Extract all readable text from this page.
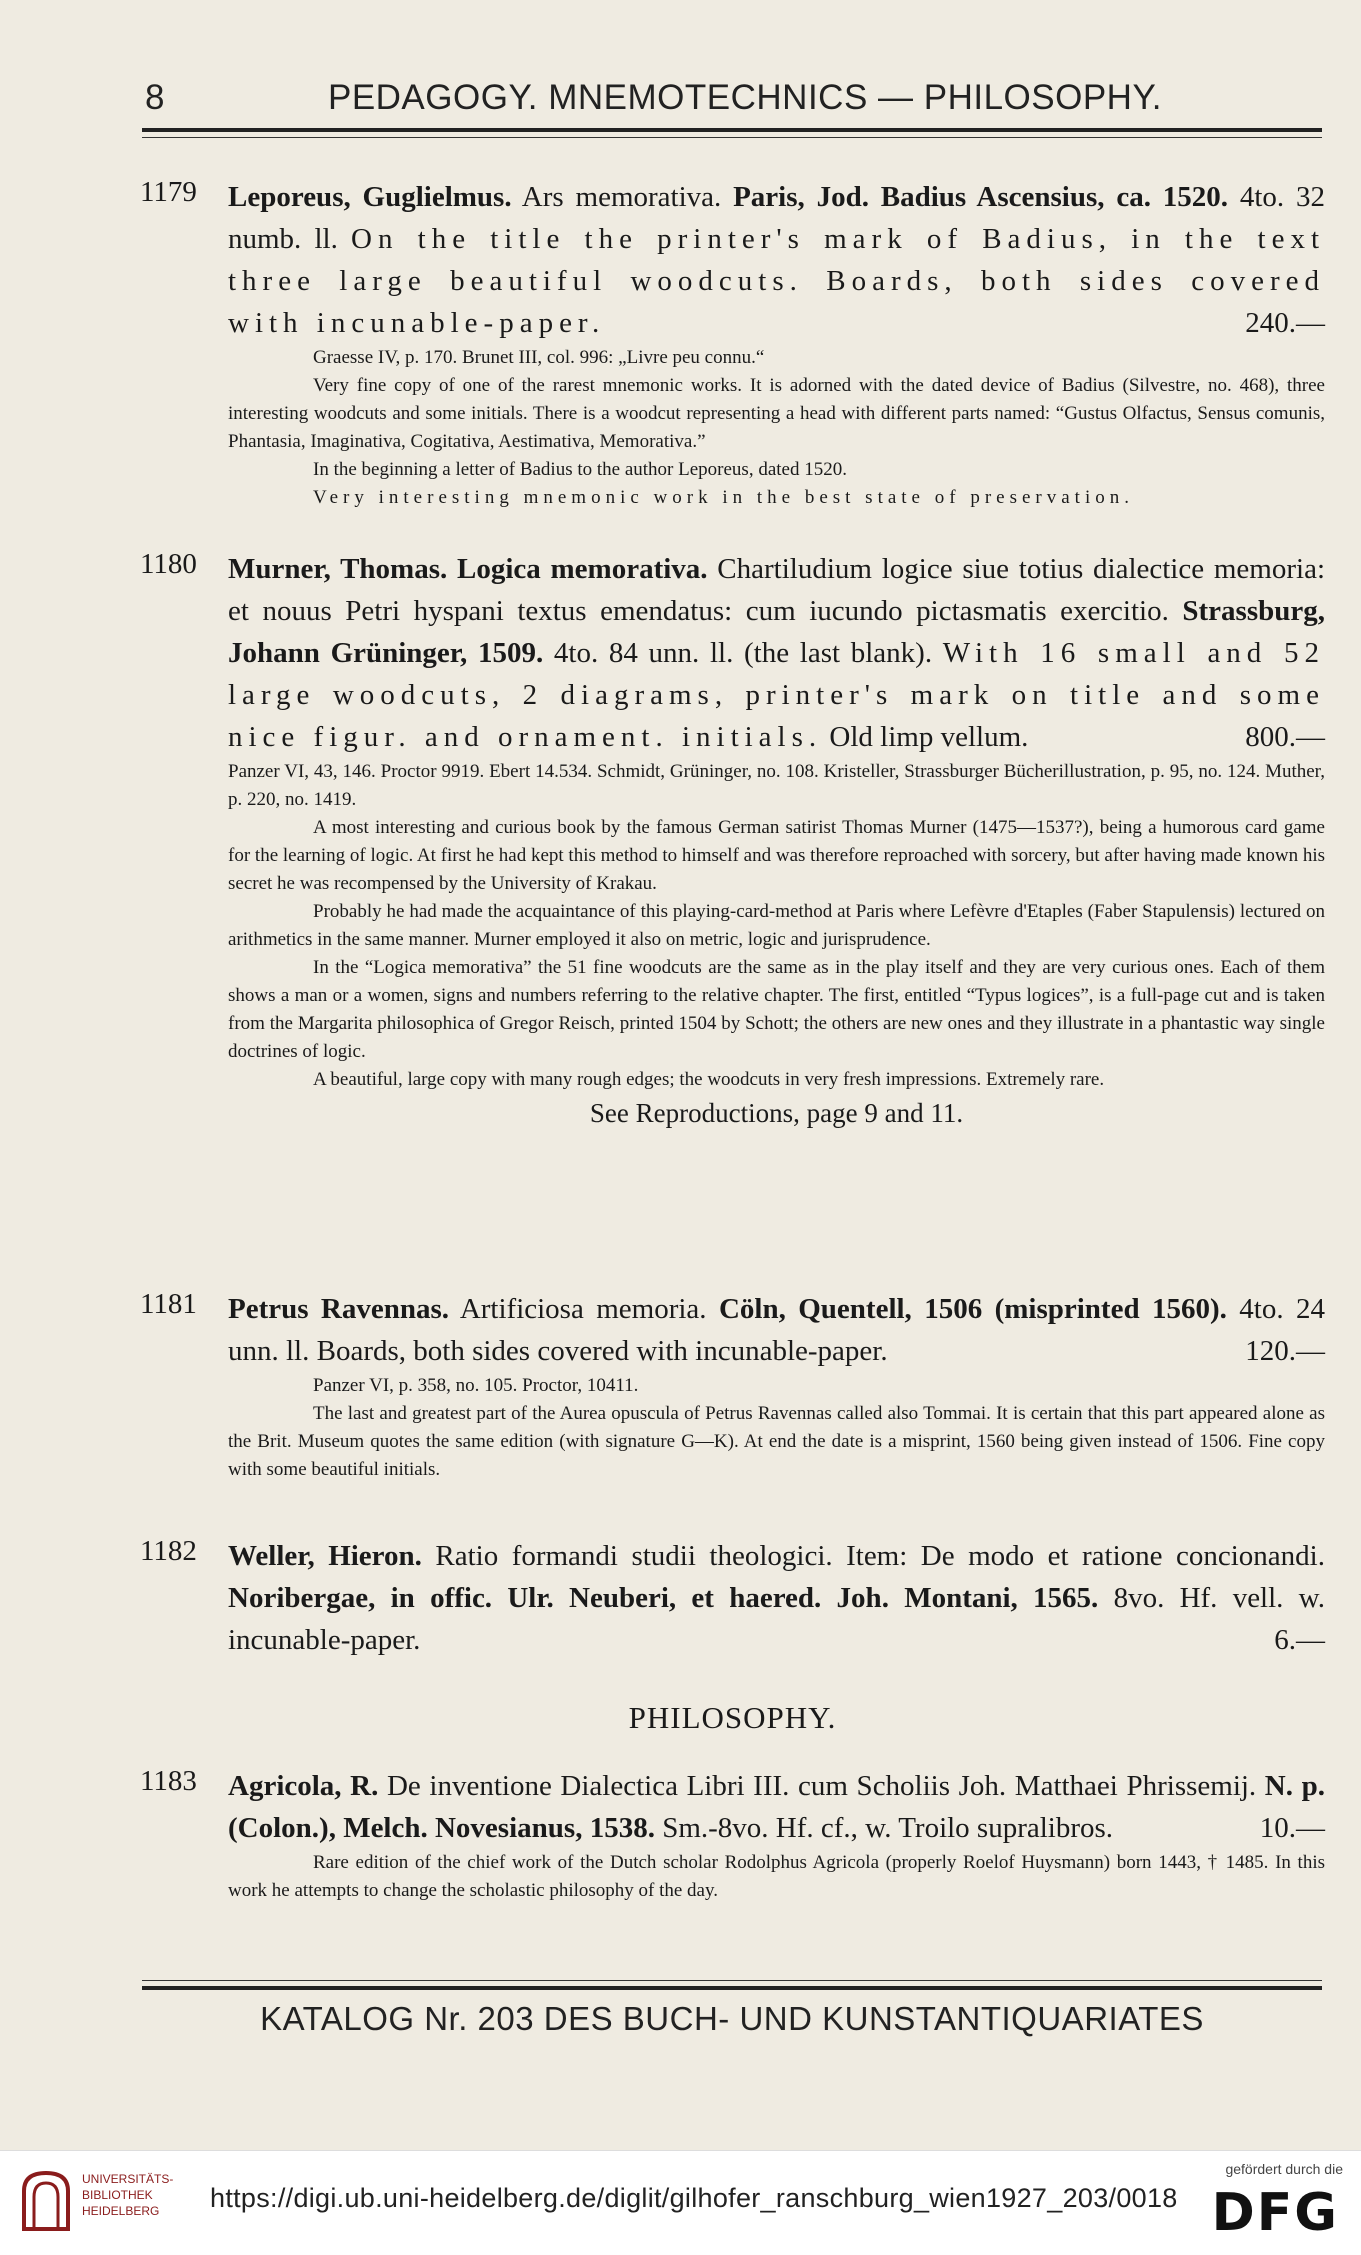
8	PEDAGOGY. MNEMOTECHNICS — PHILOSOPHY.
1179 Leporeus, Guglielmus. Ars memorativa. Paris, Jod. Badius Ascensius, ca. 1520. 4to. 32 numb. ll. On the title the printer's mark of Badius, in the text three large beautiful woodcuts. Boards, both sides covered with incunable-paper.	240.—

Graesse IV, p. 170. Brunet III, col. 996: „Livre peu connu.“

Very fine copy of one of the rarest mnemonic works. It is adorned with the dated device of Badius (Silvestre, no. 468), three interesting woodcuts and some initials. There is a woodcut representing a head with different parts named: “Gustus Olfactus, Sensus comunis, Phantasia, Imaginativa, Cogitativa, Aestimativa, Memorativa.”

In the beginning a letter of Badius to the author Leporeus, dated 1520.

Very interesting mnemonic work in the best state of preservation.

1180 Murner, Thomas. Logica memorativa. Chartiludium logice siue totius dialectice memoria: et nouus Petri hyspani textus emendatus: cum iucundo pictasmatis exercitio. Strassburg, Johann Grüninger, 1509. 4to. 84 unn. ll. (the last blank). With 16 small and 52 large woodcuts, 2 diagrams, printer's mark on title and some nice figur. and ornament. initials. Old limp vellum.	800.—

Panzer VI, 43, 146. Proctor 9919. Ebert 14.534. Schmidt, Grüninger, no. 108. Kristeller, Strassburger Bücherillustration, p. 95, no. 124. Muther, p. 220, no. 1419.

A most interesting and curious book by the famous German satirist Thomas Murner (1475—1537?), being a humorous card game for the learning of logic. At first he had kept this method to himself and was therefore reproached with sorcery, but after having made known his secret he was recompensed by the University of Krakau.

Probably he had made the acquaintance of this playing-card-method at Paris where Lefèvre d'Etaples (Faber Stapulensis) lectured on arithmetics in the same manner. Murner employed it also on metric, logic and jurisprudence.

In the “Logica memorativa” the 51 fine woodcuts are the same as in the play itself and they are very curious ones. Each of them shows a man or a women, signs and numbers referring to the relative chapter. The first, entitled “Typus logices”, is a full-page cut and is taken from the Margarita philosophica of Gregor Reisch, printed 1504 by Schott; the others are new ones and they illustrate in a phantastic way single doctrines of logic.

A beautiful, large copy with many rough edges; the woodcuts in very fresh impressions. Extremely rare.

See Reproductions, page 9 and 11.
1181 Petrus Ravennas. Artificiosa memoria. Cöln, Quentell, 1506 (misprinted 1560). 4to. 24 unn. ll. Boards, both sides covered with incunable-paper.	120.—

Panzer VI, p. 358, no. 105. Proctor, 10411.

The last and greatest part of the Aurea opuscula of Petrus Ravennas called also Tommai. It is certain that this part appeared alone as the Brit. Museum quotes the same edition (with signature G—K). At end the date is a misprint, 1560 being given instead of 1506. Fine copy with some beautiful initials.

1182 Weller, Hieron. Ratio formandi studii theologici. Item: De modo et ratione concionandi. Noribergae, in offic. Ulr. Neuberi, et haered. Joh. Montani, 1565. 8vo. Hf. vell. w. incunable-paper.	6.—
PHILOSOPHY.
1183 Agricola, R. De inventione Dialectica Libri III. cum Scholiis Joh. Matthaei Phrissemij. N. p. (Colon.), Melch. Novesianus, 1538. Sm.-8vo. Hf. cf., w. Troilo supralibros.	10.—

Rare edition of the chief work of the Dutch scholar Rodolphus Agricola (properly Roelof Huysmann) born 1443, † 1485. In this work he attempts to change the scholastic philosophy of the day.

KATALOG Nr. 203 DES BUCH- UND KUNSTANTIQUARIATES
UNIVERSITÄTS-
BIBLIOTHEK
HEIDELBERG	https://digi.ub.uni-heidelberg.de/diglit/gilhofer_ranschburg_wien1927_203/0018
gefördert durch die
DFG
